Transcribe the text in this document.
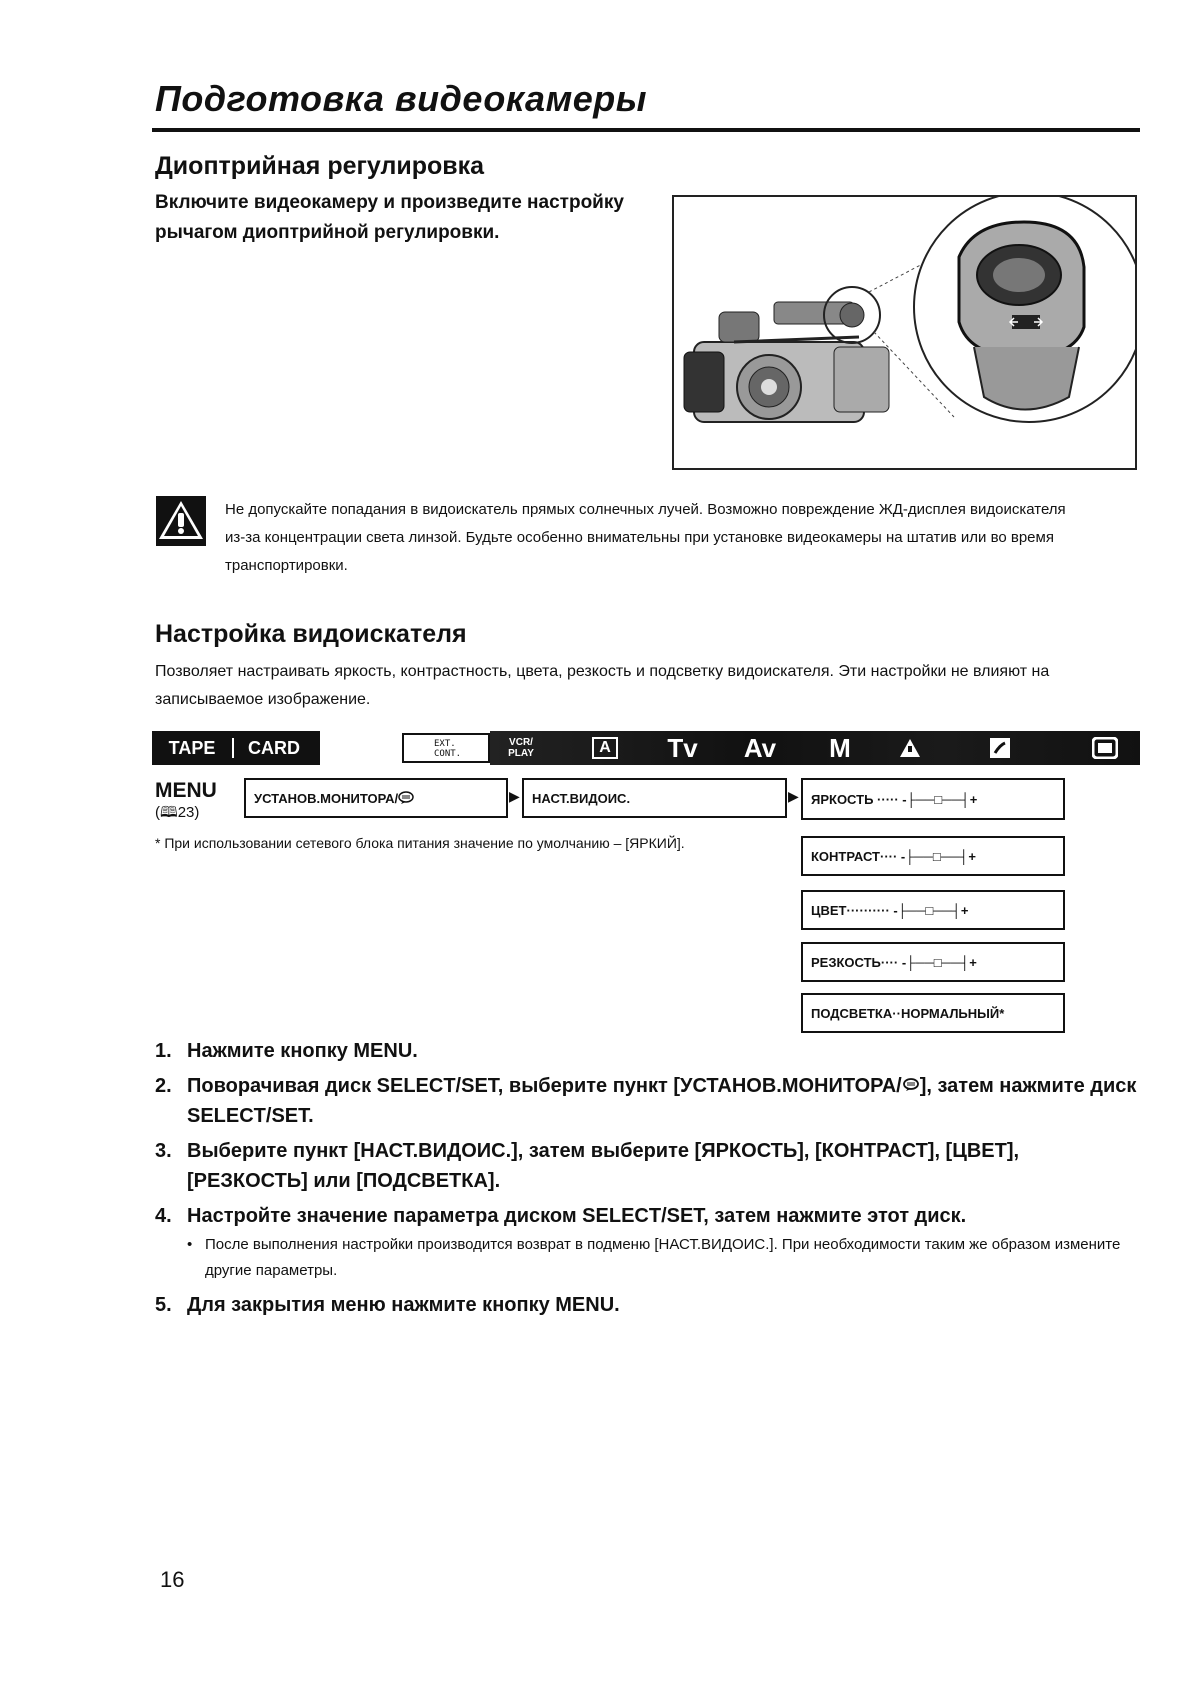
Подготовка видеокамеры
Диоптрийная регулировка
Включите видеокамеру и произведите настройку
рычагом диоптрийной регулировки.
Не допускайте попадания в видоискатель прямых солнечных лучей. Возможно повреждение ЖД-дисплея видоискателя
из-за концентрации света линзой. Будьте особенно внимательны при установке видеокамеры на штатив или во время
транспортировки.
Настройка видоискателя
Позволяет настраивать яркость, контрастность, цвета, резкость и подсветку видоискателя. Эти настройки не влияют на
записываемое изображение.
TAPE	CARD	EXT.
CONT.
VCR/
PLAY	A	Tv	Av	M
MENU
(🕮23)
УСТАНОВ.МОНИТОРА/	▶ НАСТ.ВИДОИС.	▶ ЯРКОСТЬ ····· -├──□──┤+
КОНТРАСТ ···· -├──□──┤+
ЦВЕТ ·········· -├──□──┤+
РЕЗКОСТЬ ···· -├──□──┤+
ПОДСВЕТКА ·· НОРМАЛЬНЫЙ*
* При использовании сетевого блока питания значение по умолчанию – [ЯРКИЙ].
1. Нажмите кнопку MENU.
2. Поворачивая диск SELECT/SET, выберите пункт [УСТАНОВ.МОНИТОРА/ ], затем нажмите диск SELECT/SET.
3. Выберите пункт [НАСТ.ВИДОИС.], затем выберите [ЯРКОСТЬ], [КОНТРАСТ], [ЦВЕТ], [РЕЗКОСТЬ] или [ПОДСВЕТКА].
4. Настройте значение параметра диском SELECT/SET, затем нажмите этот диск.
• После выполнения настройки производится возврат в подменю [НАСТ.ВИДОИС.]. При необходимости таким же образом измените другие параметры.
5. Для закрытия меню нажмите кнопку MENU.
16
